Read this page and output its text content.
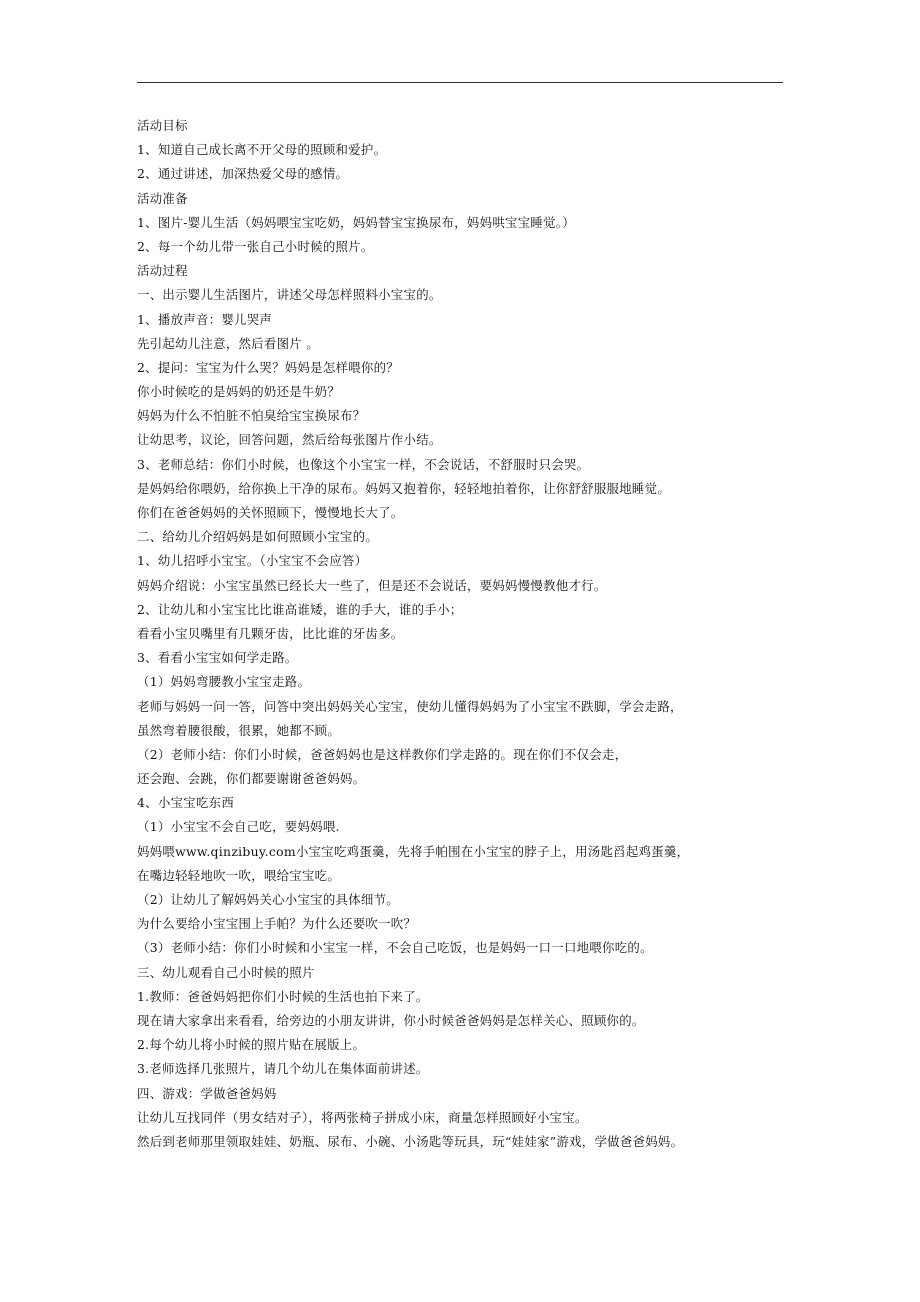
活动目标
1、知道自己成长离不开父母的照顾和爱护。
2、通过讲述，加深热爱父母的感情。
活动准备
1、图片-婴儿生活（妈妈喂宝宝吃奶，妈妈替宝宝换尿布，妈妈哄宝宝睡觉。）
2、每一个幼儿带一张自己小时候的照片。
活动过程
一、出示婴儿生活图片，讲述父母怎样照料小宝宝的。
1、播放声音：婴儿哭声
先引起幼儿注意，然后看图片 。
2、提问：宝宝为什么哭？妈妈是怎样喂你的？
你小时候吃的是妈妈的奶还是牛奶？
妈妈为什么不怕脏不怕臭给宝宝换尿布？
让幼思考，议论，回答问题，然后给每张图片作小结。
3、老师总结：你们小时候，也像这个小宝宝一样，不会说话，不舒服时只会哭。
是妈妈给你喂奶，给你换上干净的尿布。妈妈又抱着你，轻轻地拍着你，让你舒舒服服地睡觉。
你们在爸爸妈妈的关怀照顾下，慢慢地长大了。
二、给幼儿介绍妈妈是如何照顾小宝宝的。
1、幼儿招呼小宝宝。（小宝宝不会应答）
妈妈介绍说：小宝宝虽然已经长大一些了，但是还不会说话，要妈妈慢慢教他才行。
2、让幼儿和小宝宝比比谁高谁矮，谁的手大，谁的手小；
看看小宝贝嘴里有几颗牙齿，比比谁的牙齿多。
3、看看小宝宝如何学走路。
（1）妈妈弯腰教小宝宝走路。
老师与妈妈一问一答，问答中突出妈妈关心宝宝，使幼儿懂得妈妈为了小宝宝不跌脚，学会走路，
虽然弯着腰很酸，很累，她都不顾。
（2）老师小结：你们小时候，爸爸妈妈也是这样教你们学走路的。现在你们不仅会走，
还会跑、会跳，你们都要谢谢爸爸妈妈。
4、小宝宝吃东西
（1）小宝宝不会自己吃，要妈妈喂.
妈妈喂www.qinzibuy.com小宝宝吃鸡蛋羹，先将手帕围在小宝宝的脖子上，用汤匙舀起鸡蛋羹，
在嘴边轻轻地吹一吹，喂给宝宝吃。
（2）让幼儿了解妈妈关心小宝宝的具体细节。
为什么要给小宝宝围上手帕？为什么还要吹一吹？
（3）老师小结：你们小时候和小宝宝一样，不会自己吃饭，也是妈妈一口一口地喂你吃的。
三、幼儿观看自己小时候的照片
1.教师：爸爸妈妈把你们小时候的生活也拍下来了。
现在请大家拿出来看看，给旁边的小朋友讲讲，你小时候爸爸妈妈是怎样关心、照顾你的。
2.每个幼儿将小时候的照片贴在展版上。
3.老师选择几张照片，请几个幼儿在集体面前讲述。
四、游戏：学做爸爸妈妈
让幼儿互找同伴（男女结对子），将两张椅子拼成小床，商量怎样照顾好小宝宝。
然后到老师那里领取娃娃、奶瓶、尿布、小碗、小汤匙等玩具，玩“娃娃家”游戏，学做爸爸妈妈。
